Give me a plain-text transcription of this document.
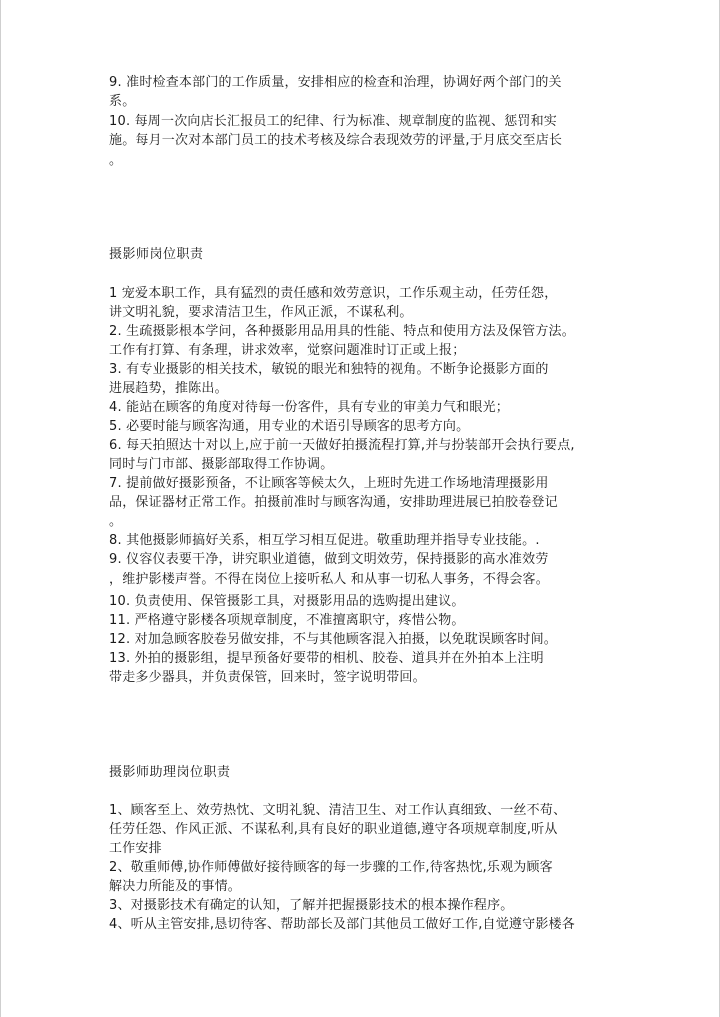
9. 准时检查本部门的工作质量，安排相应的检查和治理，协调好两个部门的关
系。
10. 每周一次向店长汇报员工的纪律、行为标准、规章制度的监视、惩罚和实
施。每月一次对本部门员工的技术考核及综合表现效劳的评量,于月底交至店长
。
摄影师岗位职责
1 宠爱本职工作，具有猛烈的责任感和效劳意识，工作乐观主动，任劳任怨，
讲文明礼貌，要求清洁卫生，作风正派，不谋私利。
2. 生疏摄影根本学问，各种摄影用品用具的性能、特点和使用方法及保管方法。
工作有打算、有条理，讲求效率，觉察问题准时订正或上报；
3. 有专业摄影的相关技术，敏锐的眼光和独特的视角。不断争论摄影方面的
进展趋势，推陈出。
4. 能站在顾客的角度对待每一份客件，具有专业的审美力气和眼光；
5. 必要时能与顾客沟通，用专业的术语引导顾客的思考方向。
6. 每天拍照达十对以上,应于前一天做好拍摄流程打算,并与扮装部开会执行要点,
同时与门市部、摄影部取得工作协调。
7. 提前做好摄影预备，不让顾客等候太久，上班时先进工作场地清理摄影用
品，保证器材正常工作。拍摄前准时与顾客沟通，安排助理进展已拍胶卷登记
。
8. 其他摄影师搞好关系，相互学习相互促进。敬重助理并指导专业技能。.
9. 仪容仪表要干净，讲究职业道德，做到文明效劳，保持摄影的高水准效劳
，维护影楼声誉。不得在岗位上接听私人 和从事一切私人事务，不得会客。
10. 负责使用、保管摄影工具，对摄影用品的选购提出建议。
11. 严格遵守影楼各项规章制度，不准擅离职守，疼惜公物。
12. 对加急顾客胶卷另做安排，不与其他顾客混入拍摄，以免耽误顾客时间。
13. 外拍的摄影组，提早预备好要带的相机、胶卷、道具并在外拍本上注明
带走多少器具，并负责保管，回来时，签字说明带回。
摄影师助理岗位职责
1、顾客至上、效劳热忱、文明礼貌、清洁卫生、对工作认真细致、一丝不苟、
任劳任怨、作风正派、不谋私利,具有良好的职业道德,遵守各项规章制度,听从
工作安排
2、敬重师傅,协作师傅做好接待顾客的每一步骤的工作,待客热忱,乐观为顾客
解决力所能及的事情。
3、对摄影技术有确定的认知，了解并把握摄影技术的根本操作程序。
4、听从主管安排,恳切待客、帮助部长及部门其他员工做好工作,自觉遵守影楼各
